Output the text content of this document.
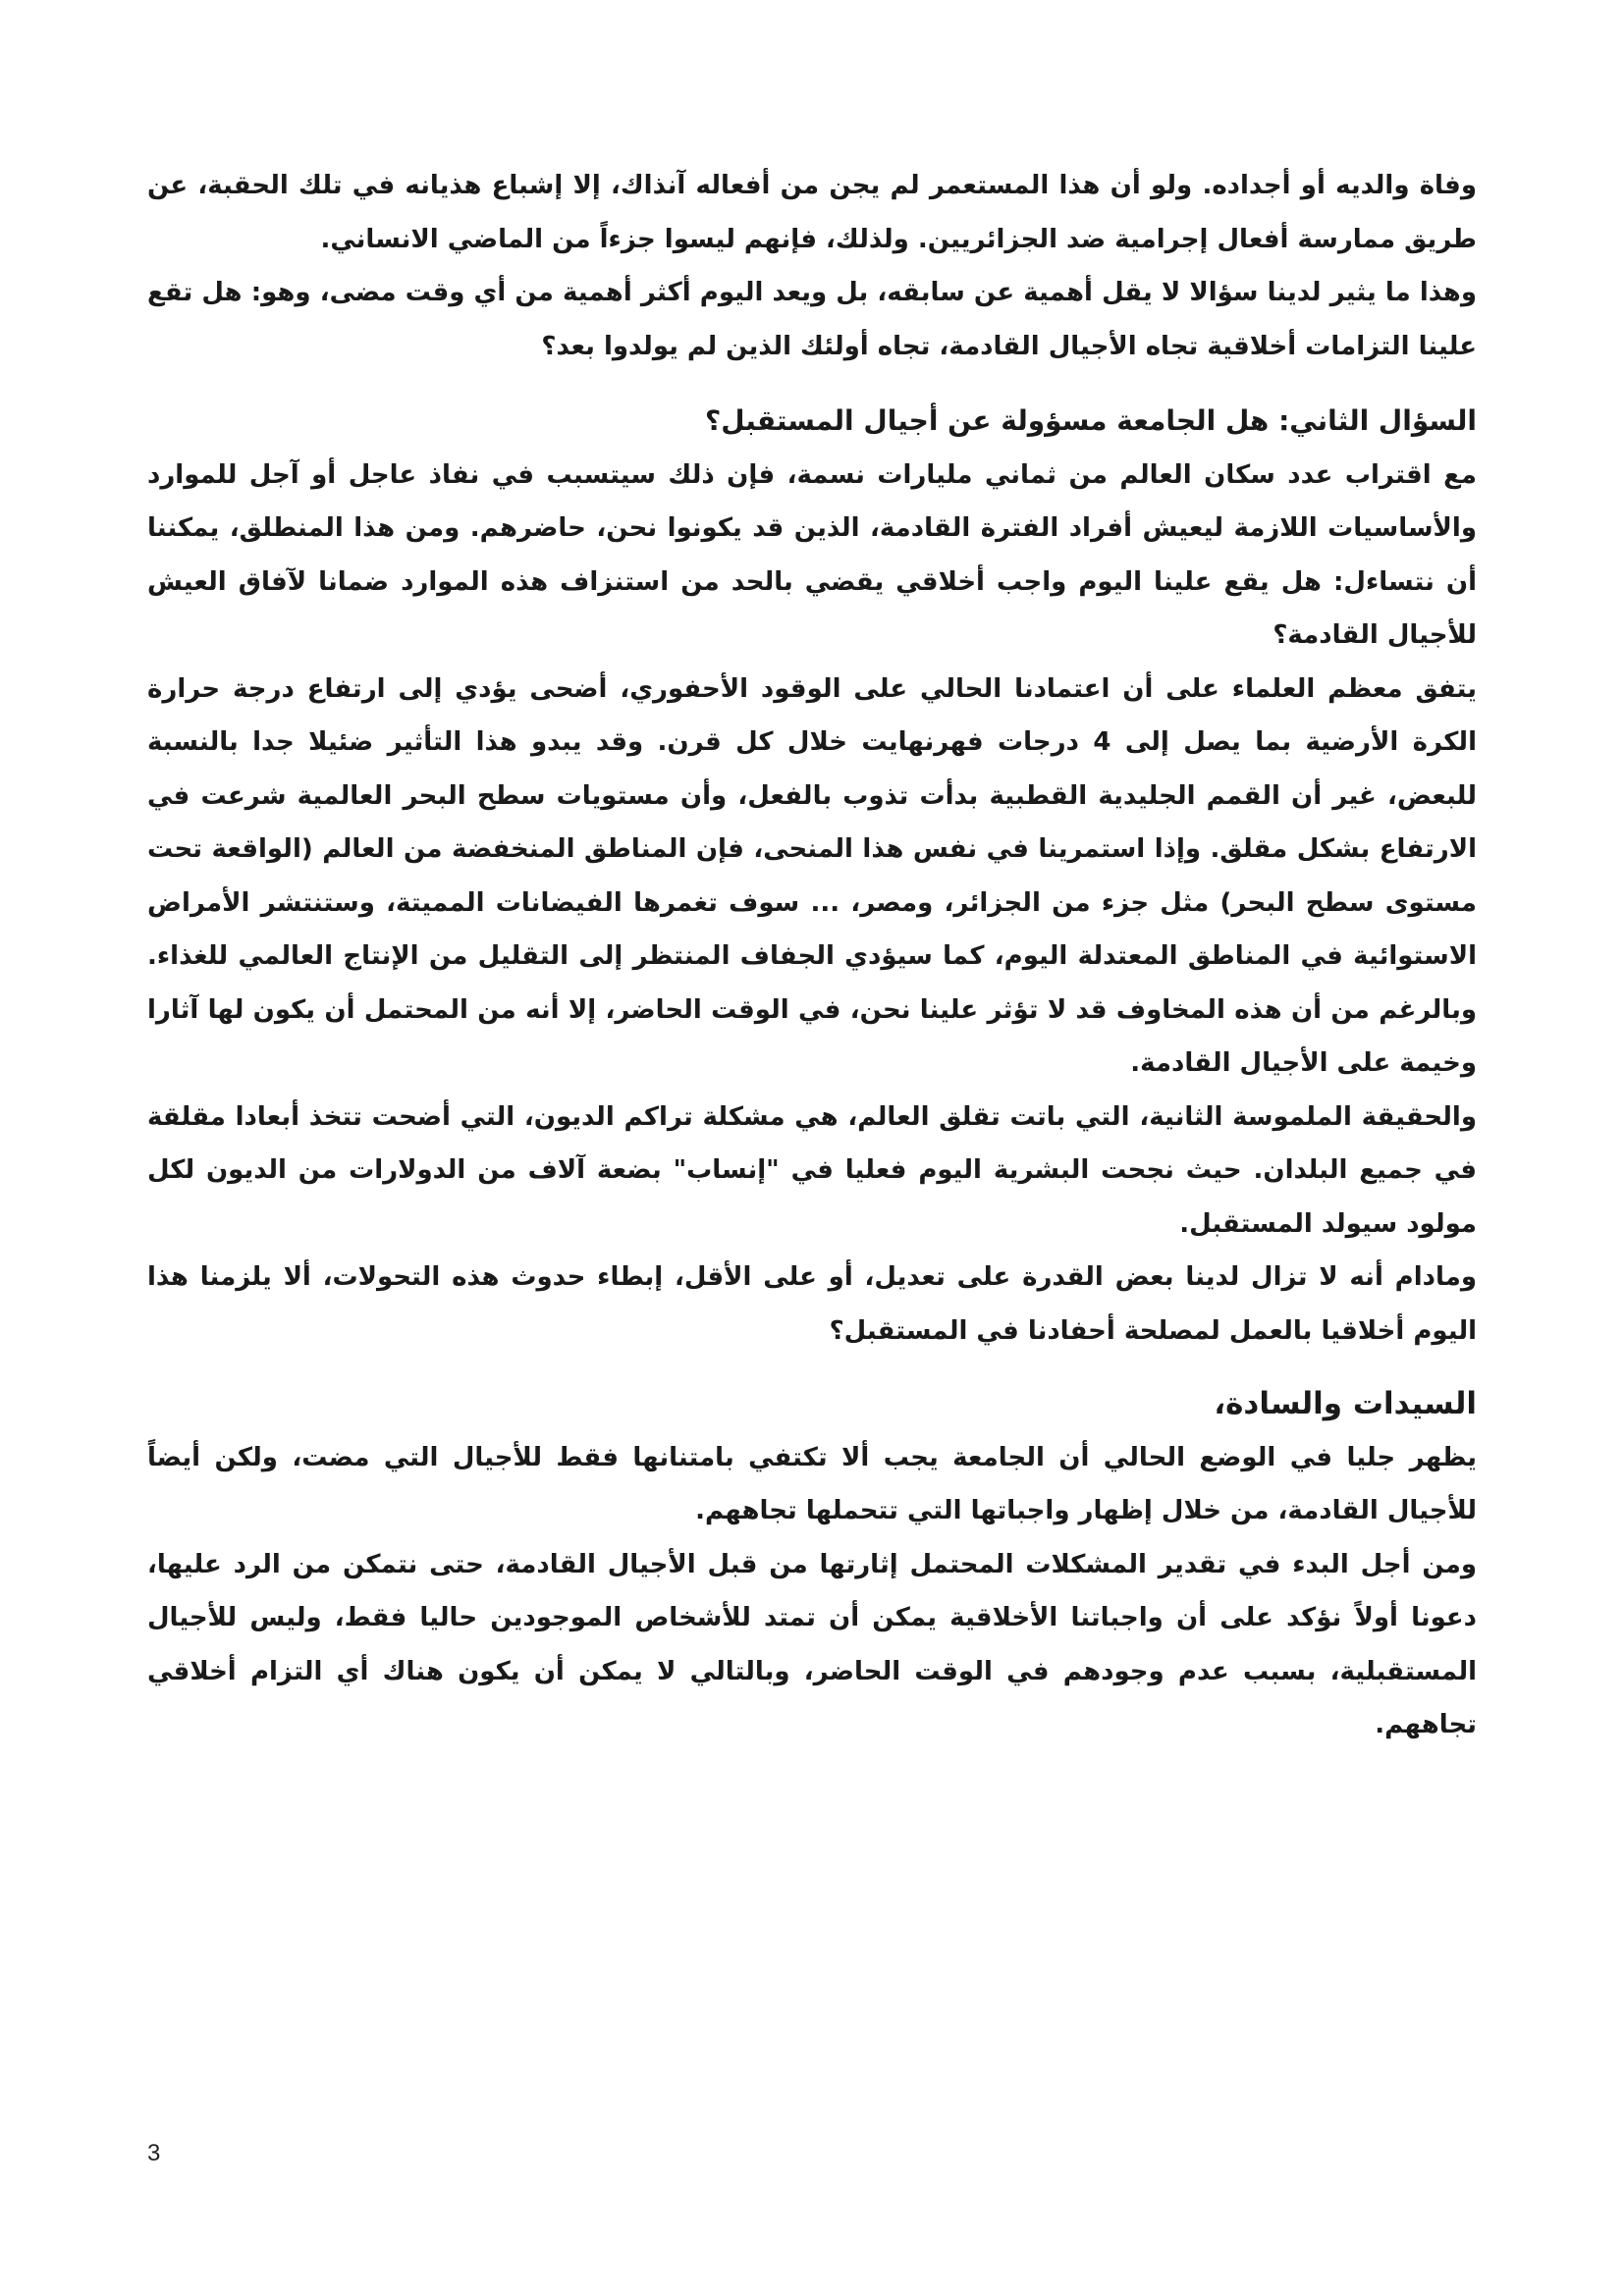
وفاة والديه أو أجداده. ولو أن هذا المستعمر لم يجن من أفعاله آنذاك، إلا إشباع هذيانه في تلك الحقبة، عن طريق ممارسة أفعال إجرامية ضد الجزائريين. ولذلك، فإنهم ليسوا جزءاً من الماضي الانساني.

وهذا ما يثير لدينا سؤالا لا يقل أهمية عن سابقه، بل ويعد اليوم أكثر أهمية من أي وقت مضى، وهو: هل تقع علينا التزامات أخلاقية تجاه الأجيال القادمة، تجاه أولئك الذين لم يولدوا بعد؟

السؤال الثاني: هل الجامعة مسؤولة عن أجيال المستقبل؟

مع اقتراب عدد سكان العالم من ثماني مليارات نسمة، فإن ذلك سيتسبب في نفاذ عاجل أو آجل للموارد والأساسيات اللازمة ليعيش أفراد الفترة القادمة، الذين قد يكونوا نحن، حاضرهم. ومن هذا المنطلق، يمكننا أن نتساءل: هل يقع علينا اليوم واجب أخلاقي يقضي بالحد من استنزاف هذه الموارد ضمانا لآفاق العيش للأجيال القادمة؟

يتفق معظم العلماء على أن اعتمادنا الحالي على الوقود الأحفوري، أضحى يؤدي إلى ارتفاع درجة حرارة الكرة الأرضية بما يصل إلى 4 درجات فهرنهايت خلال كل قرن. وقد يبدو هذا التأثير ضئيلا جدا بالنسبة للبعض، غير أن القمم الجليدية القطبية بدأت تذوب بالفعل، وأن مستويات سطح البحر العالمية شرعت في الارتفاع بشكل مقلق. وإذا استمرينا في نفس هذا المنحى، فإن المناطق المنخفضة من العالم (الواقعة تحت مستوى سطح البحر) مثل جزء من الجزائر، ومصر، ... سوف تغمرها الفيضانات المميتة، وستنتشر الأمراض الاستوائية في المناطق المعتدلة اليوم، كما سيؤدي الجفاف المنتظر إلى التقليل من الإنتاج العالمي للغذاء. وبالرغم من أن هذه المخاوف قد لا تؤثر علينا نحن، في الوقت الحاضر، إلا أنه من المحتمل أن يكون لها آثارا وخيمة على الأجيال القادمة.

والحقيقة الملموسة الثانية، التي باتت تقلق العالم، هي مشكلة تراكم الديون، التي أضحت تتخذ أبعادا مقلقة في جميع البلدان. حيث نجحت البشرية اليوم فعليا في "إنساب" بضعة آلاف من الدولارات من الديون لكل مولود سيولد المستقبل.

ومادام أنه لا تزال لدينا بعض القدرة على تعديل، أو على الأقل، إبطاء حدوث هذه التحولات، ألا يلزمنا هذا اليوم أخلاقيا بالعمل لمصلحة أحفادنا في المستقبل؟

السيدات والسادة،

يظهر جليا في الوضع الحالي أن الجامعة يجب ألا تكتفي بامتنانها فقط للأجيال التي مضت، ولكن أيضاً للأجيال القادمة، من خلال إظهار واجباتها التي تتحملها تجاههم.

ومن أجل البدء في تقدير المشكلات المحتمل إثارتها من قبل الأجيال القادمة، حتى نتمكن من الرد عليها، دعونا أولاً نؤكد على أن واجباتنا الأخلاقية يمكن أن تمتد للأشخاص الموجودين حاليا فقط، وليس للأجيال المستقبلية، بسبب عدم وجودهم في الوقت الحاضر، وبالتالي لا يمكن أن يكون هناك أي التزام أخلاقي تجاههم.

3
